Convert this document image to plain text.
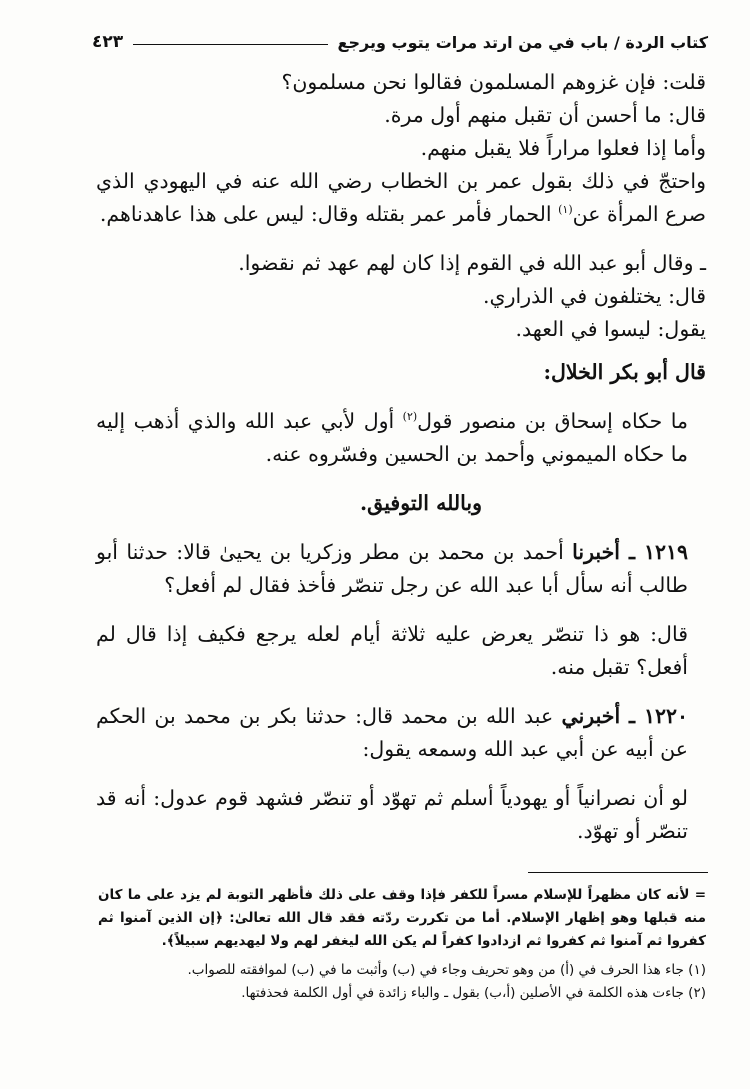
كتاب الردة / باب في من ارتد مرات يتوب ويرجع
٤٢٣

قلت: فإن غزوهم المسلمون فقالوا نحن مسلمون؟

قال: ما أحسن أن تقبل منهم أول مرة.

وأما إذا فعلوا مراراً فلا يقبل منهم.

واحتجّ في ذلك بقول عمر بن الخطاب رضي الله عنه في اليهودي الذي صرع المرأة عن$^{(١)}$ الحمار فأمر عمر بقتله وقال: ليس على هذا عاهدناهم.

ـ وقال أبو عبد الله في القوم إذا كان لهم عهد ثم نقضوا.

قال: يختلفون في الذراري.

يقول: ليسوا في العهد.

قال أبو بكر الخلال:

ما حكاه إسحاق بن منصور قول$^{(٢)}$ أول لأبي عبد الله والذي أذهب إليه ما حكاه الميموني وأحمد بن الحسين وفسّروه عنه.

وبالله التوفيق.

١٢١٩ ـ أخبرنا أحمد بن محمد بن مطر وزكريا بن يحيىٰ قالا: حدثنا أبو طالب أنه سأل أبا عبد الله عن رجل تنصّر فأخذ فقال لم أفعل؟

قال: هو ذا تنصّر يعرض عليه ثلاثة أيام لعله يرجع فكيف إذا قال لم أفعل؟ تقبل منه.

١٢٢٠ ـ أخبرني عبد الله بن محمد قال: حدثنا بكر بن محمد بن الحكم عن أبيه عن أبي عبد الله وسمعه يقول:

لو أن نصرانياً أو يهودياً أسلم ثم تهوّد أو تنصّر فشهد قوم عدول: أنه قد تنصّر أو تهوّد.

= لأنه كان مظهراً للإسلام مسراً للكفر فإذا وقف على ذلك فأظهر التوبة لم يزد على ما كان منه قبلها وهو إظهار الإسلام. أما من تكررت ردّته فقد قال الله تعالىٰ: ﴿إن الذين آمنوا ثم كفروا ثم آمنوا ثم كفروا ثم ازدادوا كفراً لم يكن الله ليغفر لهم ولا ليهديهم سبيلاً﴾.

(١) جاء هذا الحرف في (أ) من وهو تحريف وجاء في (ب) وأثبت ما في (ب) لموافقته للصواب.

(٢) جاءت هذه الكلمة في الأصلين (أ،ب) بقول ـ والباء زائدة في أول الكلمة فحذفتها.
